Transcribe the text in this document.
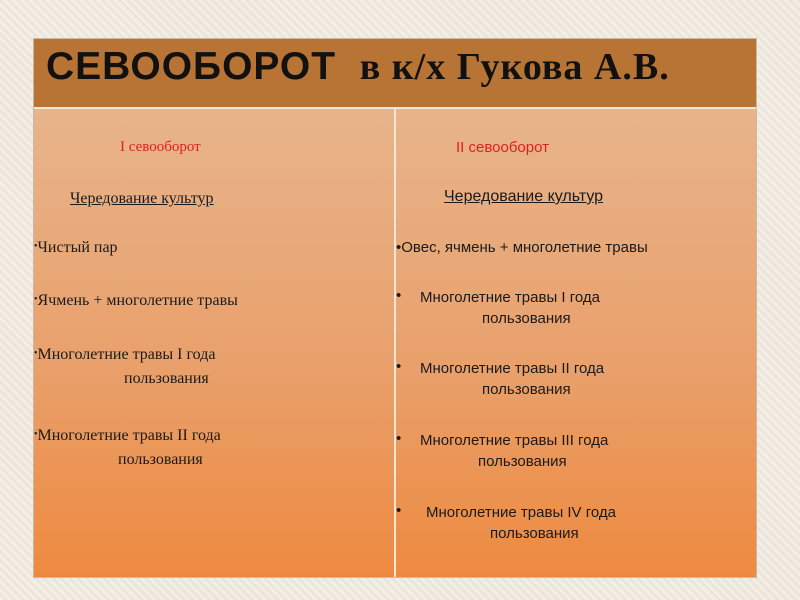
СЕВООБОРОТ в к/х Гукова А.В.
I севооборот
Чередование культур
•Чистый пар
•Ячмень + многолетние травы
•Многолетние травы I года
пользования
•Многолетние травы II года
пользования
II севооборот
Чередование культур
•Овес, ячмень + многолетние травы
• Многолетние травы I года
пользования
• Многолетние травы II года
пользования
• Многолетние травы III года
пользования
• Многолетние травы IV года
пользования
